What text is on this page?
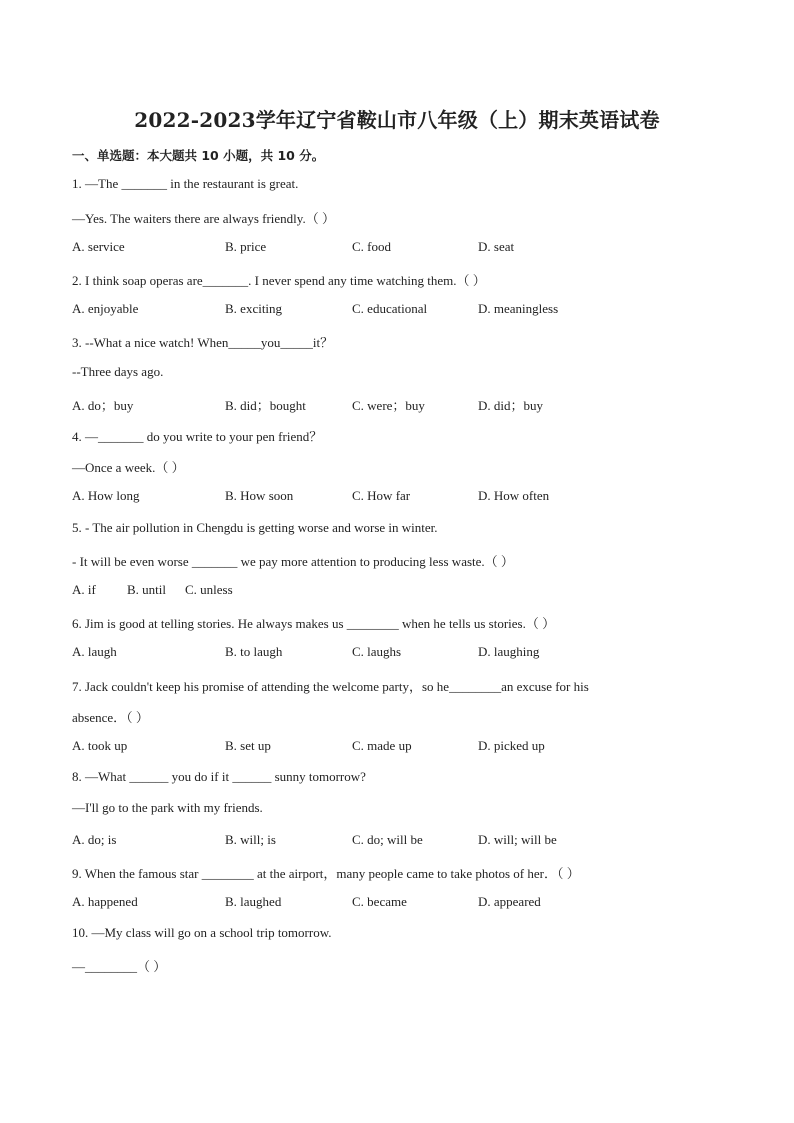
2022-2023学年辽宁省鞍山市八年级（上）期末英语试卷
一、单选题：本大题共 10 小题，共 10 分。
1. —The _______ in the restaurant is great.
—Yes. The waiters there are always friendly.（ ）
A. service	B. price	C. food	D. seat
2. I think soap operas are_______. I never spend any time watching them.（ ）
A. enjoyable	B. exciting	C. educational	D. meaningless
3. --What a nice watch! When_____you_____it？
--Three days ago.
A. do；buy	B. did；bought	C. were；buy	D. did；buy
4. —_______ do you write to your pen friend？
—Once a week.（ ）
A. How long	B. How soon	C. How far	D. How often
5. - The air pollution in Chengdu is getting worse and worse in winter.
- It will be even worse _______ we pay more attention to producing less waste.（ ）
A. if B. until C. unless
6. Jim is good at telling stories. He always makes us ________ when he tells us stories.（ ）
A. laugh	B. to laugh	C. laughs	D. laughing
7. Jack couldn't keep his promise of attending the welcome party，so he________an excuse for his
absence．（ ）
A. took up	B. set up	C. made up	D. picked up
8. —What ______ you do if it ______ sunny tomorrow?
—I'll go to the park with my friends.
A. do; is	B. will; is	C. do; will be	D. will; will be
9. When the famous star ________ at the airport，many people came to take photos of her．（ ）
A. happened	B. laughed	C. became	D. appeared
10. —My class will go on a school trip tomorrow.
—________（ ）
